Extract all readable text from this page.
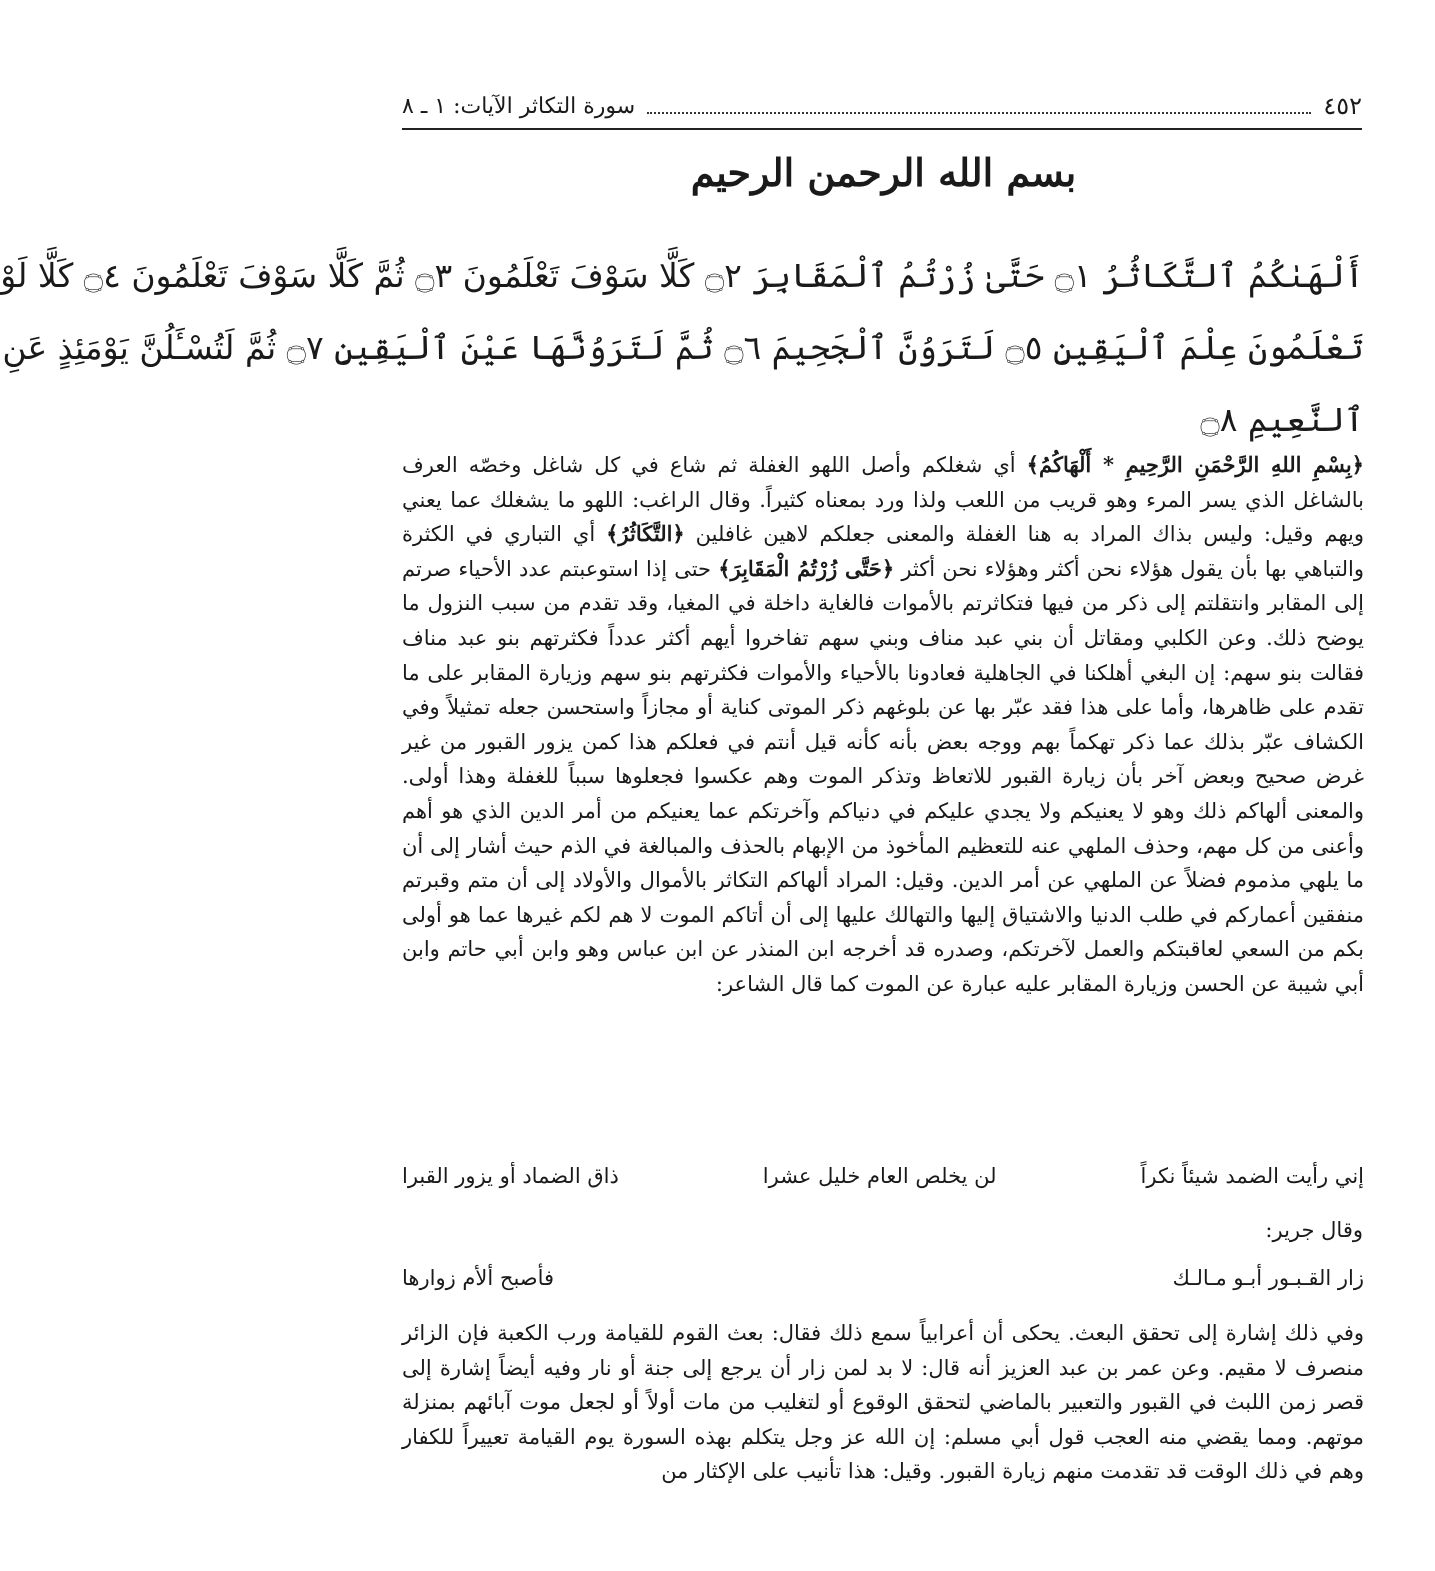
٤٥٢
سورة التكاثر الآيات: ١ ـ ٨
بسم الله الرحمن الرحيم
أَلْهَىٰكُمُ ٱلتَّكَاثُرُ ۝١ حَتَّىٰ زُرْتُمُ ٱلْمَقَابِرَ ۝٢ كَلَّا سَوْفَ تَعْلَمُونَ ۝٣ ثُمَّ كَلَّا سَوْفَ تَعْلَمُونَ ۝٤ كَلَّا لَوْ
تَعْلَمُونَ عِلْمَ ٱلْيَقِينِ ۝٥ لَتَرَوُنَّ ٱلْجَحِيمَ ۝٦ ثُمَّ لَتَرَوُنَّهَا عَيْنَ ٱلْيَقِينِ ۝٧ ثُمَّ لَتُسْـَٔلُنَّ يَوْمَئِذٍ عَنِ
ٱلنَّعِيمِ ۝٨

﴿بِسْمِ اللهِ الرَّحْمَنِ الرَّحِيمِ * أَلْهَاكُمُ﴾ أي شغلكم وأصل اللهو الغفلة ثم شاع في كل شاغل وخصّه العرف بالشاغل الذي يسر المرء وهو قريب من اللعب ولذا ورد بمعناه كثيراً. وقال الراغب: اللهو ما يشغلك عما يعني ويهم وقيل: وليس بذاك المراد به هنا الغفلة والمعنى جعلكم لاهين غافلين ﴿التَّكَاثُرُ﴾ أي التباري في الكثرة والتباهي بها بأن يقول هؤلاء نحن أكثر وهؤلاء نحن أكثر ﴿حَتَّى زُرْتُمُ الْمَقَابِرَ﴾ حتى إذا استوعبتم عدد الأحياء صرتم إلى المقابر وانتقلتم إلى ذكر من فيها فتكاثرتم بالأموات فالغاية داخلة في المغيا، وقد تقدم من سبب النزول ما يوضح ذلك. وعن الكلبي ومقاتل أن بني عبد مناف وبني سهم تفاخروا أيهم أكثر عدداً فكثرتهم بنو عبد مناف فقالت بنو سهم: إن البغي أهلكنا في الجاهلية فعادونا بالأحياء والأموات فكثرتهم بنو سهم وزيارة المقابر على ما تقدم على ظاهرها، وأما على هذا فقد عبّر بها عن بلوغهم ذكر الموتى كناية أو مجازاً واستحسن جعله تمثيلاً وفي الكشاف عبّر بذلك عما ذكر تهكماً بهم ووجه بعض بأنه كأنه قيل أنتم في فعلكم هذا كمن يزور القبور من غير غرض صحيح وبعض آخر بأن زيارة القبور للاتعاظ وتذكر الموت وهم عكسوا فجعلوها سبباً للغفلة وهذا أولى. والمعنى ألهاكم ذلك وهو لا يعنيكم ولا يجدي عليكم في دنياكم وآخرتكم عما يعنيكم من أمر الدين الذي هو أهم وأعنى من كل مهم، وحذف الملهي عنه للتعظيم المأخوذ من الإبهام بالحذف والمبالغة في الذم حيث أشار إلى أن ما يلهي مذموم فضلاً عن الملهي عن أمر الدين. وقيل: المراد ألهاكم التكاثر بالأموال والأولاد إلى أن متم وقبرتم منفقين أعماركم في طلب الدنيا والاشتياق إليها والتهالك عليها إلى أن أتاكم الموت لا هم لكم غيرها عما هو أولى بكم من السعي لعاقبتكم والعمل لآخرتكم، وصدره قد أخرجه ابن المنذر عن ابن عباس وهو وابن أبي حاتم وابن أبي شيبة عن الحسن وزيارة المقابر عليه عبارة عن الموت كما قال الشاعر:

إني رأيت الضمد شيئاً نكراً
لن يخلص العام خليل عشرا
ذاق الضماد أو يزور القبرا
وقال جرير:
زار القـبـور أبـو مـالـك
فأصبح ألأم زوارها

وفي ذلك إشارة إلى تحقق البعث. يحكى أن أعرابياً سمع ذلك فقال: بعث القوم للقيامة ورب الكعبة فإن الزائر منصرف لا مقيم. وعن عمر بن عبد العزيز أنه قال: لا بد لمن زار أن يرجع إلى جنة أو نار وفيه أيضاً إشارة إلى قصر زمن اللبث في القبور والتعبير بالماضي لتحقق الوقوع أو لتغليب من مات أولاً أو لجعل موت آبائهم بمنزلة موتهم. ومما يقضي منه العجب قول أبي مسلم: إن الله عز وجل يتكلم بهذه السورة يوم القيامة تعييراً للكفار وهم في ذلك الوقت قد تقدمت منهم زيارة القبور. وقيل: هذا تأنيب على الإكثار من
